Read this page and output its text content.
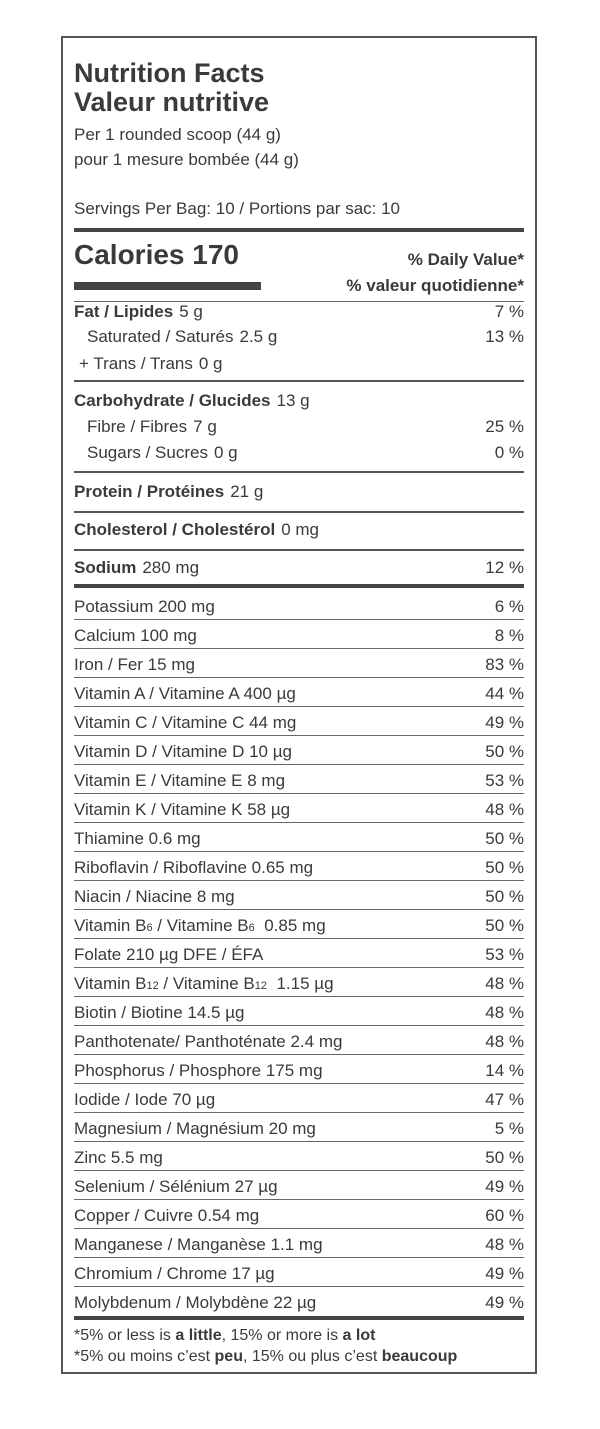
Nutrition Facts
Valeur nutritive
Per 1 rounded scoop (44 g)
pour 1 mesure bombée (44 g)
Servings Per Bag: 10 / Portions par sac: 10
Calories 170	% Daily Value*
% valeur quotidienne*
Fat / Lipides 5 g	7 %
Saturated / Saturés 2.5 g	13 %
+ Trans / Trans 0 g
Carbohydrate / Glucides 13 g
Fibre / Fibres 7 g	25 %
Sugars / Sucres 0 g	0 %
Protein / Protéines 21 g
Cholesterol / Cholestérol 0 mg
Sodium 280 mg	12 %
Potassium 200 mg	6 %
Calcium 100 mg	8 %
Iron / Fer 15 mg	83 %
Vitamin A / Vitamine A 400 µg	44 %
Vitamin C / Vitamine C 44 mg	49 %
Vitamin D / Vitamine D 10 µg	50 %
Vitamin E / Vitamine E 8 mg	53 %
Vitamin K / Vitamine K 58 µg	48 %
Thiamine 0.6 mg	50 %
Riboflavin / Riboflavine 0.65 mg	50 %
Niacin / Niacine 8 mg	50 %
Vitamin B6 / Vitamine B6  0.85 mg	50 %
Folate 210 µg DFE / ÉFA	53 %
Vitamin B12 / Vitamine B12  1.15 µg	48 %
Biotin / Biotine 14.5 µg	48 %
Panthotenate/ Panthoténate 2.4 mg	48 %
Phosphorus / Phosphore 175 mg	14 %
Iodide / Iode 70 µg	47 %
Magnesium / Magnésium 20 mg	5 %
Zinc 5.5 mg	50 %
Selenium / Sélénium 27 µg	49 %
Copper / Cuivre 0.54 mg	60 %
Manganese / Manganèse 1.1 mg	48 %
Chromium / Chrome 17 µg	49 %
Molybdenum / Molybdène 22 µg	49 %
*5% or less is a little, 15% or more is a lot
*5% ou moins c’est peu, 15% ou plus c’est beaucoup
